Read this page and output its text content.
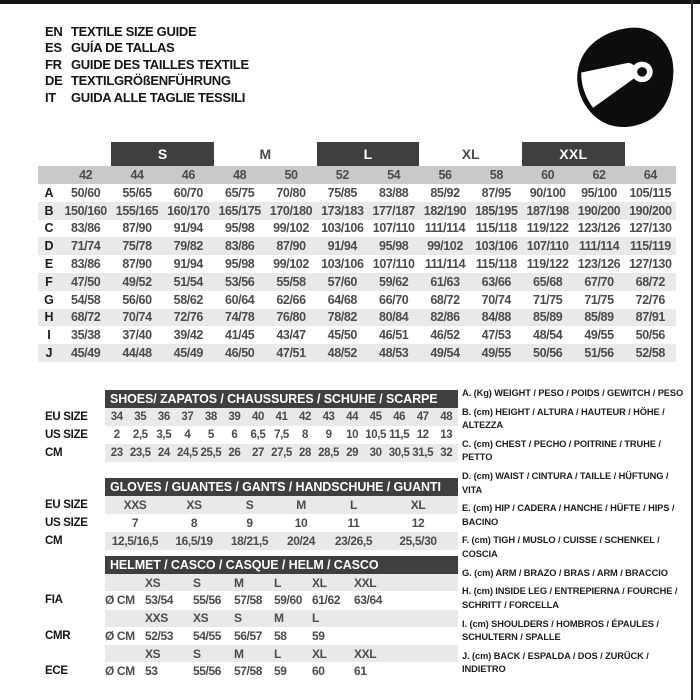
EN TEXTILE SIZE GUIDE
ES GUÍA DE TALLAS
FR GUIDE DES TAILLES TEXTILE
DE TEXTILGRÖßENFÜHRUNG
IT	GUIDA ALLE TAGLIE TESSILI
S	M	L	XL	XXL
42	44	46	48	50	52	54	56	58	60	62	64
A	50/60	55/65	60/70	65/75	70/80	75/85	83/88	85/92	87/95	90/100	95/100	105/115
B 150/160 155/165 160/170 165/175 170/180 173/183 177/187 182/190 185/195 187/198 190/200 190/200
C	83/86	87/90	91/94	95/98	99/102 103/106 107/110 111/114 115/118 119/122 123/126 127/130
D	71/74	75/78	79/82	83/86	87/90	91/94	95/98	99/102 103/106 107/110 111/114 115/119
E	83/86	87/90	91/94	95/98	99/102 103/106 107/110 111/114 115/118 119/122 123/126 127/130
F	47/50	49/52	51/54	53/56	55/58	57/60	59/62	61/63	63/66	65/68	67/70	68/72
G	54/58	56/60	58/62	60/64	62/66	64/68	66/70	68/72	70/74	71/75	71/75	72/76
H	68/72	70/74	72/76	74/78	76/80	78/82	80/84	82/86	84/88	85/89	85/89	87/91
I	35/38	37/40	39/42	41/45	43/47	45/50	46/51	46/52	47/53	48/54	49/55	50/56
J	45/49	44/48	45/49	46/50	47/51	48/52	48/53	49/54	49/55	50/56	51/56	52/58
SHOES/ ZAPATOS / CHAUSSURES / SCHUHE / SCARPE
EU SIZE	34	35	36	37	38	39	40	41	42	43	44	45	46	47	48
US SIZE	2	2,5 3,5	4	5	6	6,5 7,5	8	9	10 10,5 11,5 12	13
CM	23 23,5 24 24,5 25,5 26	27 27,5 28 28,5 29	30 30,5 31,5 32
GLOVES / GUANTES / GANTS / HANDSCHUHE / GUANTI
EU SIZE	XXS	XS	S	M	L	XL
US SIZE	7	8	9	10	11	12
CM	12,5/16,5	16,5/19	18/21,5	20/24	23/26,5	25,5/30
HELMET / CASCO / CASQUE / HELM / CASCO
XS	S	M	L	XL	XXL
FIA	Ø CM 53/54	55/56	57/58 59/60 61/62	63/64
XXS	XS	S	M	L
CMR	Ø CM 52/53	54/55	56/57 58	59
XS	S	M	L	XL	XXL
ECE	Ø CM 53	55/56	57/58 59	60	61
A. (Kg) WEIGHT / PESO / POIDS / GEWITCH / PESO
B. (cm) HEIGHT / ALTURA / HAUTEUR / HÖHE / ALTEZZA
C. (cm) CHEST / PECHO / POITRINE / TRUHE / PETTO
D. (cm) WAIST / CINTURA / TAILLE / HÜFTUNG / VITA
E. (cm) HIP / CADERA / HANCHE / HÜFTE / HIPS / BACINO
F. (cm) TIGH / MUSLO / CUISSE / SCHENKEL / COSCIA
G. (cm) ARM / BRAZO / BRAS / ARM / BRACCIO
H. (cm) INSIDE LEG / ENTREPIERNA / FOURCHE / SCHRITT / FORCELLA
I. (cm) SHOULDERS / HOMBROS / ÉPAULES / SCHULTERN / SPALLE
J. (cm) BACK / ESPALDA / DOS / ZURÜCK / INDIETRO
